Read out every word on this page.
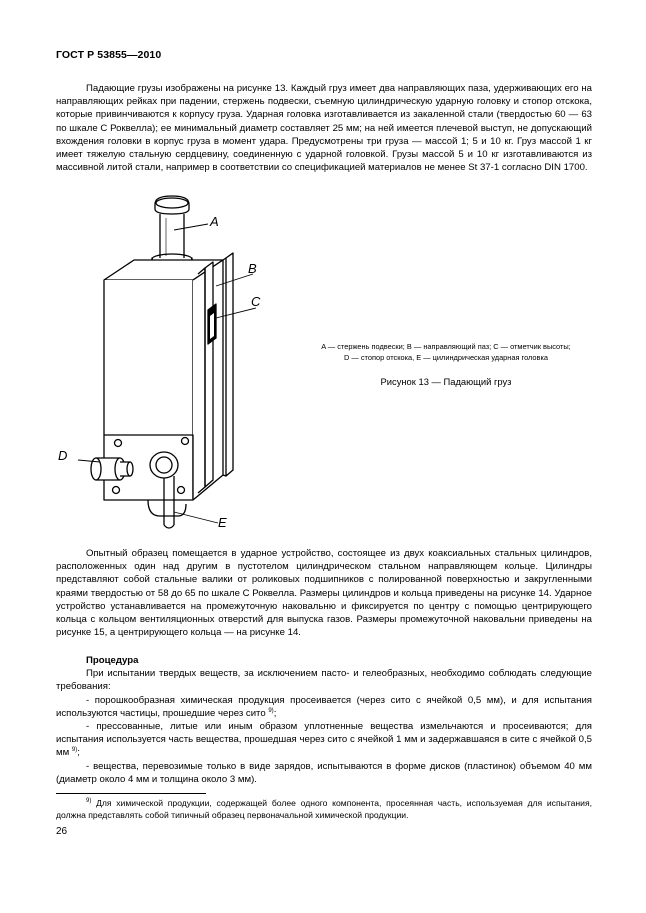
ГОСТ Р 53855—2010
Падающие грузы изображены на рисунке 13. Каждый груз имеет два направляющих паза, удерживающих его на направляющих рейках при падении, стержень подвески, съемную цилиндрическую ударную головку и стопор отскока, которые привинчиваются к корпусу груза. Ударная головка изготавливается из закаленной стали (твердостью 60 — 63 по шкале С Роквелла); ее минимальный диаметр составляет 25 мм; на ней имеется плечевой выступ, не допускающий вхождения головки в корпус груза в момент удара. Предусмотрены три груза — массой 1; 5 и 10 кг. Груз массой 1 кг имеет тяжелую стальную сердцевину, соединенную с ударной головкой. Грузы массой 5 и 10 кг изготавливаются из массивной литой стали, например в соответствии со спецификацией материалов не менее St 37-1 согласно DIN 1700.
A
B
C
D
E
A — стержень подвески; B — направляющий паз; C — отметчик высоты;
D — стопор отскока, E — цилиндрическая ударная головка
Рисунок 13 — Падающий груз
Опытный образец помещается в ударное устройство, состоящее из двух коаксиальных стальных цилиндров, расположенных один над другим в пустотелом цилиндрическом стальном направляющем кольце. Цилиндры представляют собой стальные валики от роликовых подшипников с полированной поверхностью и закругленными краями твердостью от 58 до 65 по шкале С Роквелла. Размеры цилиндров и кольца приведены на рисунке 14. Ударное устройство устанавливается на промежуточную наковальню и фиксируется по центру с помощью центрирующего кольца с кольцом вентиляционных отверстий для выпуска газов. Размеры промежуточной наковальни приведены на рисунке 15, а центрирующего кольца — на рисунке 14.
Процедура
При испытании твердых веществ, за исключением пасто- и гелеобразных, необходимо соблюдать следующие требования:
- порошкообразная химическая продукция просеивается (через сито с ячейкой 0,5 мм), и для испытания используются частицы, прошедшие через сито $^{9)}$;
- прессованные, литые или иным образом уплотненные вещества измельчаются и просеиваются; для испытания используется часть вещества, прошедшая через сито с ячейкой 1 мм и задержавшаяся в сите с ячейкой 0,5 мм $^{9)}$;
- вещества, перевозимые только в виде зарядов, испытываются в форме дисков (пластинок) объемом 40 мм (диаметр около 4 мм и толщина около 3 мм).
$^{9)}$ Для химической продукции, содержащей более одного компонента, просеянная часть, используемая для испытания, должна представлять собой типичный образец первоначальной химической продукции.
26
